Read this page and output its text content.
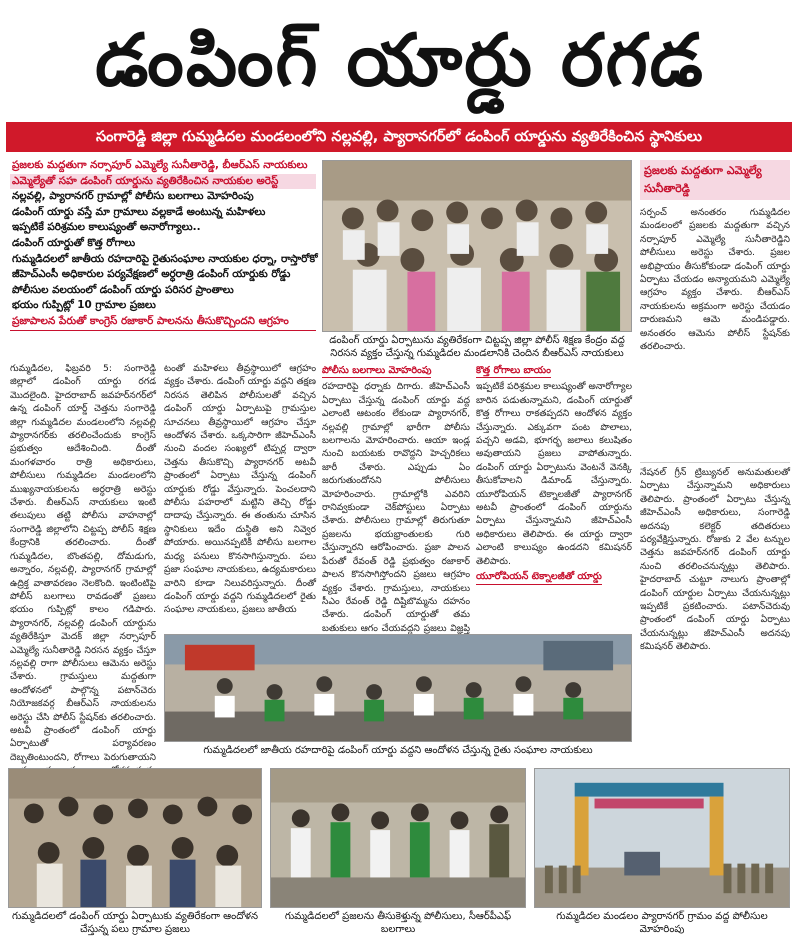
డంపింగ్ యార్డు రగడ
సంగారెడ్డి జిల్లా గుమ్మడిదల మండలంలోని నల్లవల్లి, ప్యారానగర్‌లో డంపింగ్ యార్డును వ్యతిరేకించిన స్థానికులు
ప్రజలకు మద్దతుగా నర్సాపూర్ ఎమ్మెల్యే సునీతారెడ్డి, బీఆర్ఎస్ నాయకులు
ఎమ్మెల్యేతో సహ డంపింగ్ యార్డును వ్యతిరేకించిన నాయకుల అరెస్ట్
నల్లవల్లి, ప్యారానగర్ గ్రామాల్లో పోలీసు బలగాలు మోహరింపు
డంపింగ్ యార్డు వస్తే మా గ్రామాలు వల్లకాడే అంటున్న మహిళలు
ఇప్పటికే పరిశ్రమల కాలుష్యంతో అనారోగ్యాలు..
డంపింగ్ యార్డుతో కొత్త రోగాలు
గుమ్మడిదలలో జాతీయ రహదారిపై రైతుసంఘాల నాయకుల ధర్నా, రాస్తారోకో
జీహెచ్ఎంసీ అధికారుల పర్యవేక్షణలో అర్ధరాత్రి డంపింగ్ యార్డుకు రోడ్డు
పోలీసుల వలయంలో డంపింగ్ యార్డు పరిసర ప్రాంతాలు
భయం గుప్పిట్లో 10 గ్రామాల ప్రజలు
ప్రజాపాలన పేరుతో కాంగ్రెస్ రజాకార్ పాలనను తీసుకొచ్చిందని ఆగ్రహం
డంపింగ్ యార్డు ఏర్పాటును వ్యతిరేకంగా చిట్టప్ప జిల్లా పోలీస్ శిక్షణ కేంద్రం వద్ద నిరసన వ్యక్తం చేస్తున్న గుమ్మడిదల మండలానికి చెందిన బీఆర్ఎస్ నాయకులు
ప్రజలకు మద్దతుగా ఎమ్మెల్యే సునీతారెడ్డి
గుమ్మడిదల, ఫిబ్రవరి 5: సంగారెడ్డి జిల్లాలో డంపింగ్ యార్డు రగడ మొదలైంది. హైదరాబాద్ జవహర్‌నగర్‌లో ఉన్న డంపింగ్ యార్డ్ చెత్తను సంగారెడ్డి జిల్లా గుమ్మడిదల మండలంలోని నల్లవల్లి ప్యారానగర్‌కు తరలించేందుకు కాంగ్రెస్ ప్రభుత్వం ఆదేశించింది. దీంతో మంగళవారం రాత్రి అధికారులు, పోలీసులు గుమ్మడిదల మండలంలోని ముఖ్యనాయకులను అర్ధరాత్రి అరెస్టు చేశారు. బీఆర్ఎస్ నాయకులు ఇంటి తలుపులు తట్టి పోలీసు వాహనాల్లో సంగారెడ్డి జిల్లాలోని చిట్టప్ప పోలీస్ శిక్షణ కేంద్రానికి తరలించారు. దీంతో గుమ్మడిదల, బొంతపల్లి, దోమడుగు, అన్నారం, నల్లవల్లి, ప్యారానగర్ గ్రామాల్లో ఉద్రిక్త వాతావరణం నెలకొంది. ఇంటింటిపై పోలీస్ బలగాలు రావడంతో ప్రజలు భయం గుప్పిట్లో కాలం గడిపారు. ప్యారానగర్, నల్లవల్లి డంపింగ్ యార్డును వ్యతిరేకిస్తూ మెదక్ జిల్లా నర్సాపూర్ ఎమ్మెల్యే సునీతారెడ్డి నిరసన వ్యక్తం చేస్తూ నల్లవల్లి రాగా పోలీసులు ఆమెను అరెస్టు చేశారు. గ్రామస్తులు మద్దతుగా ఆందోళనలో పాల్గొన్న పటాన్‌చెరు నియోజకవర్గ బీఆర్ఎస్ నాయకులను అరెస్టు చేసి పోలీస్ స్టేషన్‌కు తరలించారు. అటవీ ప్రాంతంలో డంపింగ్ యార్డు ఏర్పాటుతో పర్యావరణం దెబ్బతింటుందని, రోగాలు పెరుగుతాయని

టంతో మహిళలు తీవ్రస్థాయిలో ఆగ్రహం వ్యక్తం చేశారు. డంపింగ్ యార్డు వద్దని తక్షణ నిరసన తెలిపిన పోలీసులతో వచ్చిన డంపింగ్ యార్డు ఏర్పాటుపై గ్రామస్తుల సూచనలు తీవ్రస్థాయిలో ఆగ్రహం చేస్తూ ఆందోళన చేశారు. ఒక్కసారిగా జీహెచ్ఎంసీ నుంచి వందల సంఖ్యలో టిప్పర్ల ద్వారా చెత్తను తీసుకొచ్చి ప్యారానగర్ అటవీ ప్రాంతంలో ఏర్పాటు చేస్తున్న డంపింగ్ యార్డుకు రోడ్డు వేస్తున్నారు. పెంచలదాని పోలీసు పహరాలో మట్టిని తెచ్చి రోడ్డు దాదాపు చేస్తున్నారు. ఈ తంతును చూసిన స్థానికులు ఇదేం దుస్థితి అని నివ్వెర పోయారు. అయినప్పటికీ పోలీసు బలగాల మధ్య పనులు కొనసాగిస్తున్నారు. పలు ప్రజా సంఘాల నాయకులు, ఉద్యమకారులు వారిని కూడా నిలువరిస్తున్నారు. దీంతో డంపింగ్ యార్డు వద్దని గుమ్మడిదలలో రైతు సంఘాల నాయకులు, ప్రజలు జాతీయ

పోలీసు బలగాలు మోహరింపు

రహదారిపై ధర్నాకు దిగారు. జీహెచ్ఎంసీ ఏర్పాటు చేస్తున్న డంపింగ్ యార్డు వద్ద ఎలాంటి ఆటంకం లేకుండా ప్యారానగర్, నల్లవల్లి గ్రామాల్లో భారీగా పోలీసు బలగాలను మోహరించారు. ఆయా ఇండ్ల నుంచి బయటకు రావొద్దని హెచ్చరికలు జారీ చేశారు. ఎప్పుడు ఏం జరుగుతుందోనని పోలీసులు మోహరించారు. గ్రామాల్లోకి ఎవరిని రానివ్వకుండా చెక్‌పోస్టులు ఏర్పాటు చేశారు. పోలీసులు గ్రామాల్లో తిరుగుతూ ప్రజలను భయభ్రాంతులకు గురి చేస్తున్నారని ఆరోపించారు. ప్రజా పాలన పేరుతో రేవంత్ రెడ్డి ప్రభుత్వం రజాకార్ పాలన కొనసాగిస్తోందని ప్రజలు ఆగ్రహం వ్యక్తం చేశారు. గ్రామస్తులు, నాయకులు సీఎం రేవంత్ రెడ్డి దిష్టిబొమ్మను దహనం చేశారు. డంపింగ్ యార్డుతో తమ బతుకులు ఆగం చేయవద్దని ప్రజలు విజ్ఞప్తి

కొత్త రోగాలు బాయం

ఇప్పటికే పరిశ్రమల కాలుష్యంతో అనారోగ్యాల బారిన పడుతున్నామని, డంపింగ్ యార్డుతో కొత్త రోగాలు రాకతప్పదని ఆందోళన వ్యక్తం చేస్తున్నారు. ఎక్కువగా పంట పొలాలు, పచ్చని అడవి, భూగర్భ జలాలు కలుషితం అవుతాయని ప్రజలు వాపోతున్నారు. డంపింగ్ యార్డు ఏర్పాటును వెంటనే వెనక్కి తీసుకోవాలని డిమాండ్ చేస్తున్నారు. యూరోపియన్ టెక్నాలజీతో ప్యారానగర్ అటవీ ప్రాంతంలో డంపింగ్ యార్డును ఏర్పాటు చేస్తున్నామని జీహెచ్ఎంసీ అధికారులు తెలిపారు. ఈ యార్డు ద్వారా ఎలాంటి కాలుష్యం ఉండదని కమిషనర్ తెలిపారు.

యూరోపియన్ టెక్నాలజీతో యార్డు
సర్పంచ్ అనంతరం గుమ్మడిదల మండలంలో ప్రజలకు మద్దతుగా వచ్చిన నర్సాపూర్ ఎమ్మెల్యే సునీతారెడ్డిని పోలీసులు అరెస్టు చేశారు. ప్రజల అభిప్రాయం తీసుకోకుండా డంపింగ్ యార్డు ఏర్పాటు చేయడం అన్యాయమని ఎమ్మెల్యే ఆగ్రహం వ్యక్తం చేశారు. బీఆర్ఎస్ నాయకులను అక్రమంగా అరెస్టు చేయడం దారుణమని ఆమె మండిపడ్డారు. అనంతరం ఆమెను పోలీస్ స్టేషన్‌కు తరలించారు.
నేషనల్ గ్రీన్ ట్రిబ్యునల్ అనుమతులతో ఏర్పాటు చేస్తున్నామని అధికారులు తెలిపారు. ప్రాంతంలో ఏర్పాటు చేస్తున్న జీహెచ్ఎంసీ అధికారులు, సంగారెడ్డి అదనపు కలెక్టర్ తదితరులు పర్యవేక్షిస్తున్నారు. రోజుకు 2 వేల టన్నుల చెత్తను జవహర్‌నగర్ డంపింగ్ యార్డు నుంచి తరలించనున్నట్లు తెలిపారు. హైదరాబాద్ చుట్టూ నాలుగు ప్రాంతాల్లో డంపింగ్ యార్డుల ఏర్పాటు చేయనున్నట్లు ఇప్పటికే ప్రకటించారు. పటాన్‌చెరువు ప్రాంతంలో డంపింగ్ యార్డు ఏర్పాటు చేయనున్నట్లు జీహెచ్ఎంసీ అదనపు కమిషనర్ తెలిపారు.
గుమ్మడిదలలో జాతీయ రహదారిపై డంపింగ్ యార్డు వద్దని ఆందోళన చేస్తున్న రైతు సంఘాల నాయకులు
గుమ్మడిదలలో డంపింగ్ యార్డు ఏర్పాటుకు వ్యతిరేకంగా ఆందోళన చేస్తున్న పలు గ్రామాల ప్రజలు
గుమ్మడిదలలో ప్రజలను తీసుకెళ్తున్న పోలీసులు, సీఆర్‌పీఎఫ్ బలగాలు
గుమ్మడిదల మండలం ప్యారానగర్ గ్రామం వద్ద పోలీసుల మోహరింపు
